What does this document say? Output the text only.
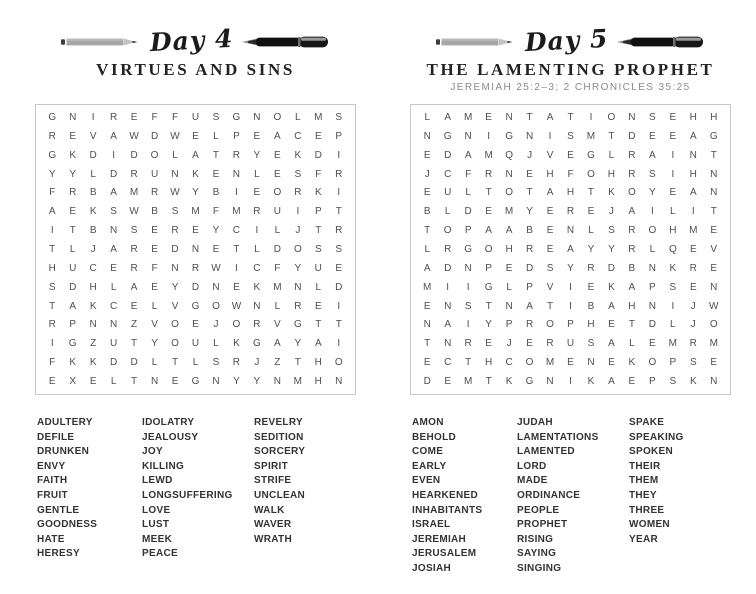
Day 4
VIRTUES AND SINS
G	N	I	R	E	F	F	U	S	G	N	O	L	M	S
R	E	V	A	W	D	W	E	L	P	E	A	C	E	P
G	K	D	I	D	O	L	A	T	R	Y	E	K	D	I
Y	Y	L	D	R	U	N	K	E	N	L	E	S	F	R
F	R	B	A	M	R	W	Y	B	I	E	O	R	K	I
A	E	K	S	W	B	S	M	F	M	R	U	I	P	T
I	T	B	N	S	E	R	E	Y	C	I	L	J	T	R
T	L	J	A	R	E	D	N	E	T	L	D	O	S	S
H	U	C	E	R	F	N	R	W	I	C	F	Y	U	E
S	D	H	L	A	E	Y	D	N	E	K	M	N	L	D
T	A	K	C	E	L	V	G	O	W	N	L	R	E	I
R	P	N	N	Z	V	O	E	J	O	R	V	G	T	T
I	G	Z	U	T	Y	O	U	L	K	G	A	Y	A	I
F	K	K	D	D	L	T	L	S	R	J	Z	T	H	O
E	X	E	L	T	N	E	G	N	Y	Y	N	M	H	N
ADULTERY
DEFILE
DRUNKEN
ENVY
FAITH
FRUIT
GENTLE
GOODNESS
HATE
HERESY
IDOLATRY
JEALOUSY
JOY
KILLING
LEWD
LONGSUFFERING
LOVE
LUST
MEEK
PEACE
REVELRY
SEDITION
SORCERY
SPIRIT
STRIFE
UNCLEAN
WALK
WAVER
WRATH
Day 5
THE LAMENTING PROPHET
JEREMIAH 25:2–3; 2 CHRONICLES 35:25
L	A	M	E	N	T	A	T	I	O	N	S	E	H	H
N	G	N	I	G	N	I	S	M	T	D	E	E	A	G
E	D	A	M	Q	J	V	E	G	L	R	A	I	N	T
J	C	F	R	N	E	H	F	O	H	R	S	I	H	N
E	U	L	T	O	T	A	H	T	K	O	Y	E	A	N
B	L	D	E	M	Y	E	R	E	J	A	I	L	I	T
T	O	P	A	A	B	E	N	L	S	R	O	H	M	E
L	R	G	O	H	R	E	A	Y	Y	R	L	Q	E	V
A	D	N	P	E	D	S	Y	R	D	B	N	K	R	E
M	I	I	G	L	P	V	I	E	K	A	P	S	E	N
E	N	S	T	N	A	T	I	B	A	H	N	I	J	W
N	A	I	Y	P	R	O	P	H	E	T	D	L	J	O
T	N	R	E	J	E	R	U	S	A	L	E	M	R	M
E	C	T	H	C	O	M	E	N	E	K	O	P	S	E
D	E	M	T	K	G	N	I	K	A	E	P	S	K	N
AMON
BEHOLD
COME
EARLY
EVEN
HEARKENED
INHABITANTS
ISRAEL
JEREMIAH
JERUSALEM
JOSIAH
JUDAH
LAMENTATIONS
LAMENTED
LORD
MADE
ORDINANCE
PEOPLE
PROPHET
RISING
SAYING
SINGING
SPAKE
SPEAKING
SPOKEN
THEIR
THEM
THEY
THREE
WOMEN
YEAR
